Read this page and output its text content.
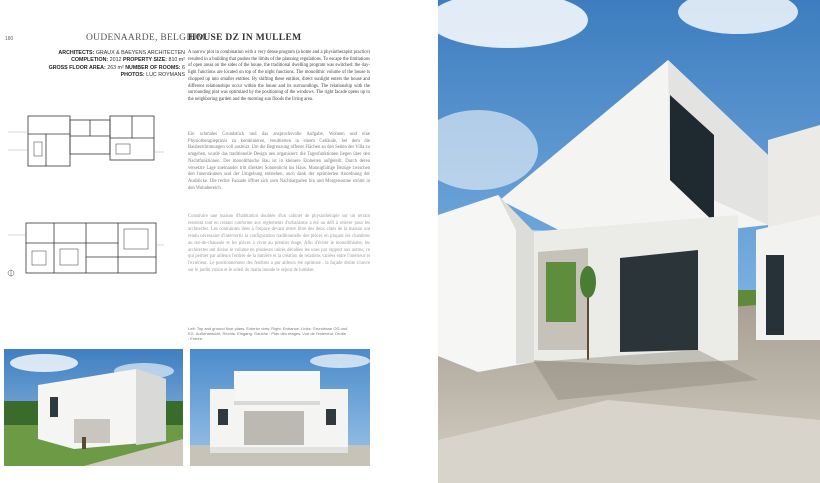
180	OUDENAARDE, BELGIUM
HOUSE DZ IN MULLEM
ARCHITECTS: GRAUX & BAEYENS ARCHITECTEN
COMPLETION: 2012 PROPERTY SIZE: 810 m²
GROSS FLOOR AREA: 263 m² NUMBER OF ROOMS: 6
PHOTOS: LUC ROYMANS
A narrow plot in combination with a very dense program (a home and a physiotherapist practice) resulted in a building that pushes the limits of the planning regulations. To escape the limitations of open areas on the sides of the house, the traditional dwelling program was switched: the day-light functions are located on top of the night functions. The monolithic volume of the house is chopped up into smaller entities. By shifting these entities, direct sunlight enters the house and different relationships occur within the house and its surroundings. The relationship with the surrounding plot was optimized by the positioning of the windows. The right facade opens up to the neighboring garden and the morning sun floods the living area.
Ein schmales Grundstück und das anspruchsvolle Aufgabe, Wohnen und eine Physiotherapiepraxis zu kombinieren, resultierten in einem Gebäude, bei dem die Bauberstimmungen voll ausreizt. Um die Begrenzung offener Flächen an den Seiten der Villa zu umgehen, wurde das traditionelle Design neu organisiert: die Tagesfunktionen liegen über den Nachtfunktionen. Der monolithische Bau ist in kleinere Einheiten aufgeteilt. Durch deren versetzte Lage zueinander tritt direktes Sonnenlicht ins Haus. Mannigfaltige Bezüge zwischen den Innenräumen und der Umgebung entstehen, auch dank der optimierten Anordnung der Ausblicke. Die rechte Fassade öffnet sich zum Nachbargarten hin und Morgensonne strömt in den Wohnbereich.
Construire une maison d'habitation doublée d'un cabinet de physiothérapie sur un terrain restreint tout en restant conforme aux règlements d'urbanisme a été un défi à relever pour les architectes. Les contraintes liées à l'espace devant rester libre des deux côtés de la maison ont rendu nécessaire d'intervertir la configuration traditionnelle des pièces en plaçant les chambres au rez-de-chaussée et les pièces à vivre au premier étage. Afin d'éviter le monolithisme, les architectes ont divisé le volume en plusieurs unités décalées les unes par rapport aux autres, ce qui permet par ailleurs l'entrée de la lumière et la création de relations variées entre l'intérieur et l'extérieur. Le positionnement des fenêtres a par ailleurs été optimisé : la façade droite s'ouvre sur le jardin voisin et le soleil du matin inonde le séjour de lumière.
Left: Top and ground floor plans. Exterior view. Right: Entrance. Links: Grundrisse OG und EG. Außenansicht. Rechts: Eingang. Gauche : Plan des étages. Vue de l'extérieur. Droite : Entrée.
